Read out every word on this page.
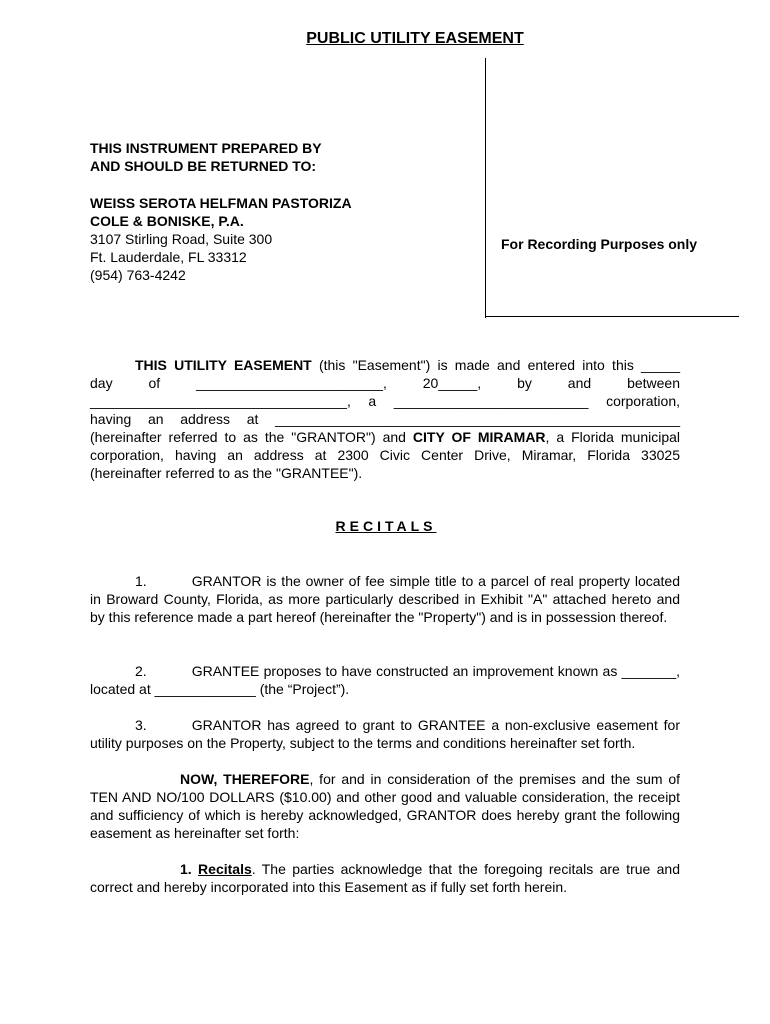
PUBLIC UTILITY EASEMENT
For Recording Purposes only
THIS INSTRUMENT PREPARED BY
AND SHOULD BE RETURNED TO:
WEISS SEROTA HELFMAN PASTORIZA
COLE & BONISKE, P.A.
3107 Stirling Road, Suite 300
Ft. Lauderdale, FL 33312
(954) 763-4242
THIS UTILITY EASEMENT (this "Easement") is made and entered into this _____
day of ________________________, 20_____, by and between
_________________________________, a _________________________ corporation,
having an address at ____________________________________________________
(hereinafter referred to as the "GRANTOR") and CITY OF MIRAMAR, a Florida municipal
corporation, having an address at 2300 Civic Center Drive, Miramar, Florida 33025
(hereinafter referred to as the "GRANTEE").
RECITALS
1.	GRANTOR is the owner of fee simple title to a parcel of real property located in Broward County, Florida, as more particularly described in Exhibit "A" attached hereto and by this reference made a part hereof (hereinafter the "Property") and is in possession thereof.
2.	GRANTEE proposes to have constructed an improvement known as _______, located at _____________ (the “Project”).
3.	GRANTOR has agreed to grant to GRANTEE a non-exclusive easement for utility purposes on the Property, subject to the terms and conditions hereinafter set forth.
NOW, THEREFORE, for and in consideration of the premises and the sum of TEN AND NO/100 DOLLARS ($10.00) and other good and valuable consideration, the receipt and sufficiency of which is hereby acknowledged, GRANTOR does hereby grant the following easement as hereinafter set forth:
1. Recitals. The parties acknowledge that the foregoing recitals are true and correct and hereby incorporated into this Easement as if fully set forth herein.
